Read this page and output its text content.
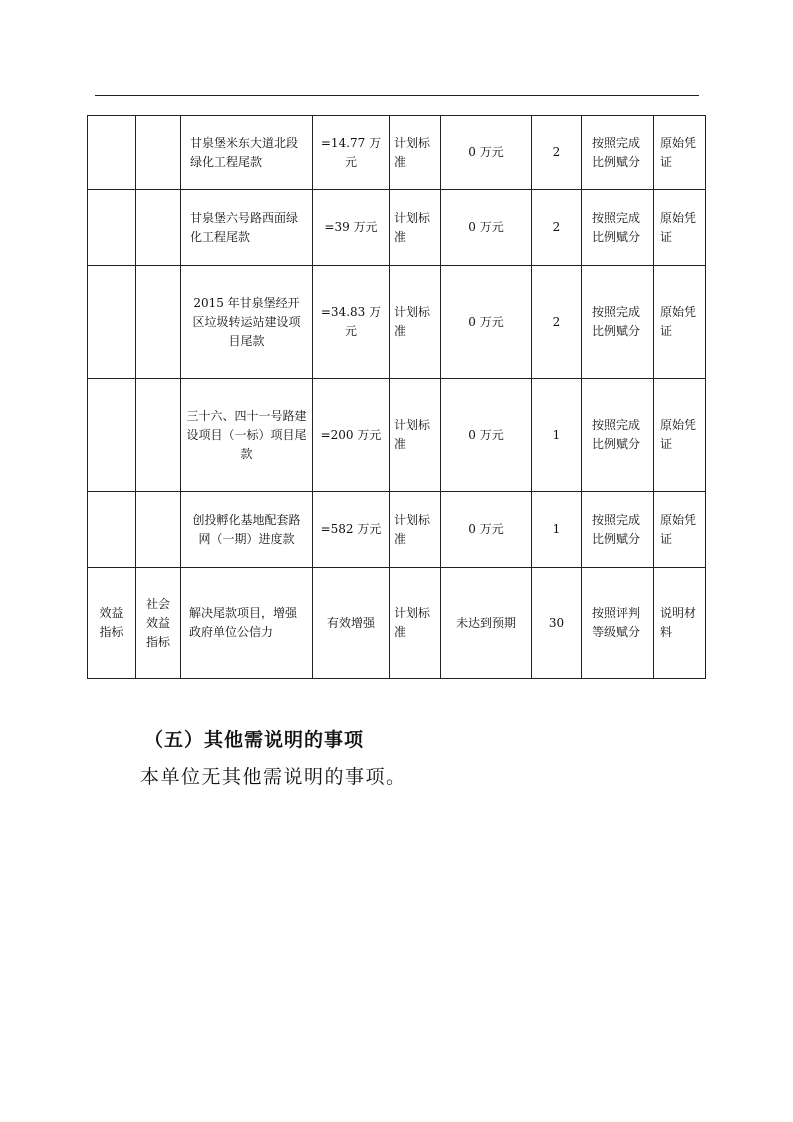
		甘泉堡米东大道北段绿化工程尾款	=14.77 万元	计划标准	0 万元	2	按照完成比例赋分	原始凭证

		甘泉堡六号路西面绿化工程尾款	=39 万元	计划标准	0 万元	2	按照完成比例赋分	原始凭证

		2015 年甘泉堡经开区垃圾转运站建设项目尾款	=34.83 万元	计划标准	0 万元	2	按照完成比例赋分	原始凭证

		三十六、四十一号路建设项目（一标）项目尾款	=200 万元	计划标准	0 万元	1	按照完成比例赋分	原始凭证

		创投孵化基地配套路网（一期）进度款	=582 万元	计划标准	0 万元	1	按照完成比例赋分	原始凭证

效益指标	社会效益指标	解决尾款项目，增强政府单位公信力	有效增强	计划标准	未达到预期	30	按照评判等级赋分	说明材料
（五）其他需说明的事项

本单位无其他需说明的事项。
